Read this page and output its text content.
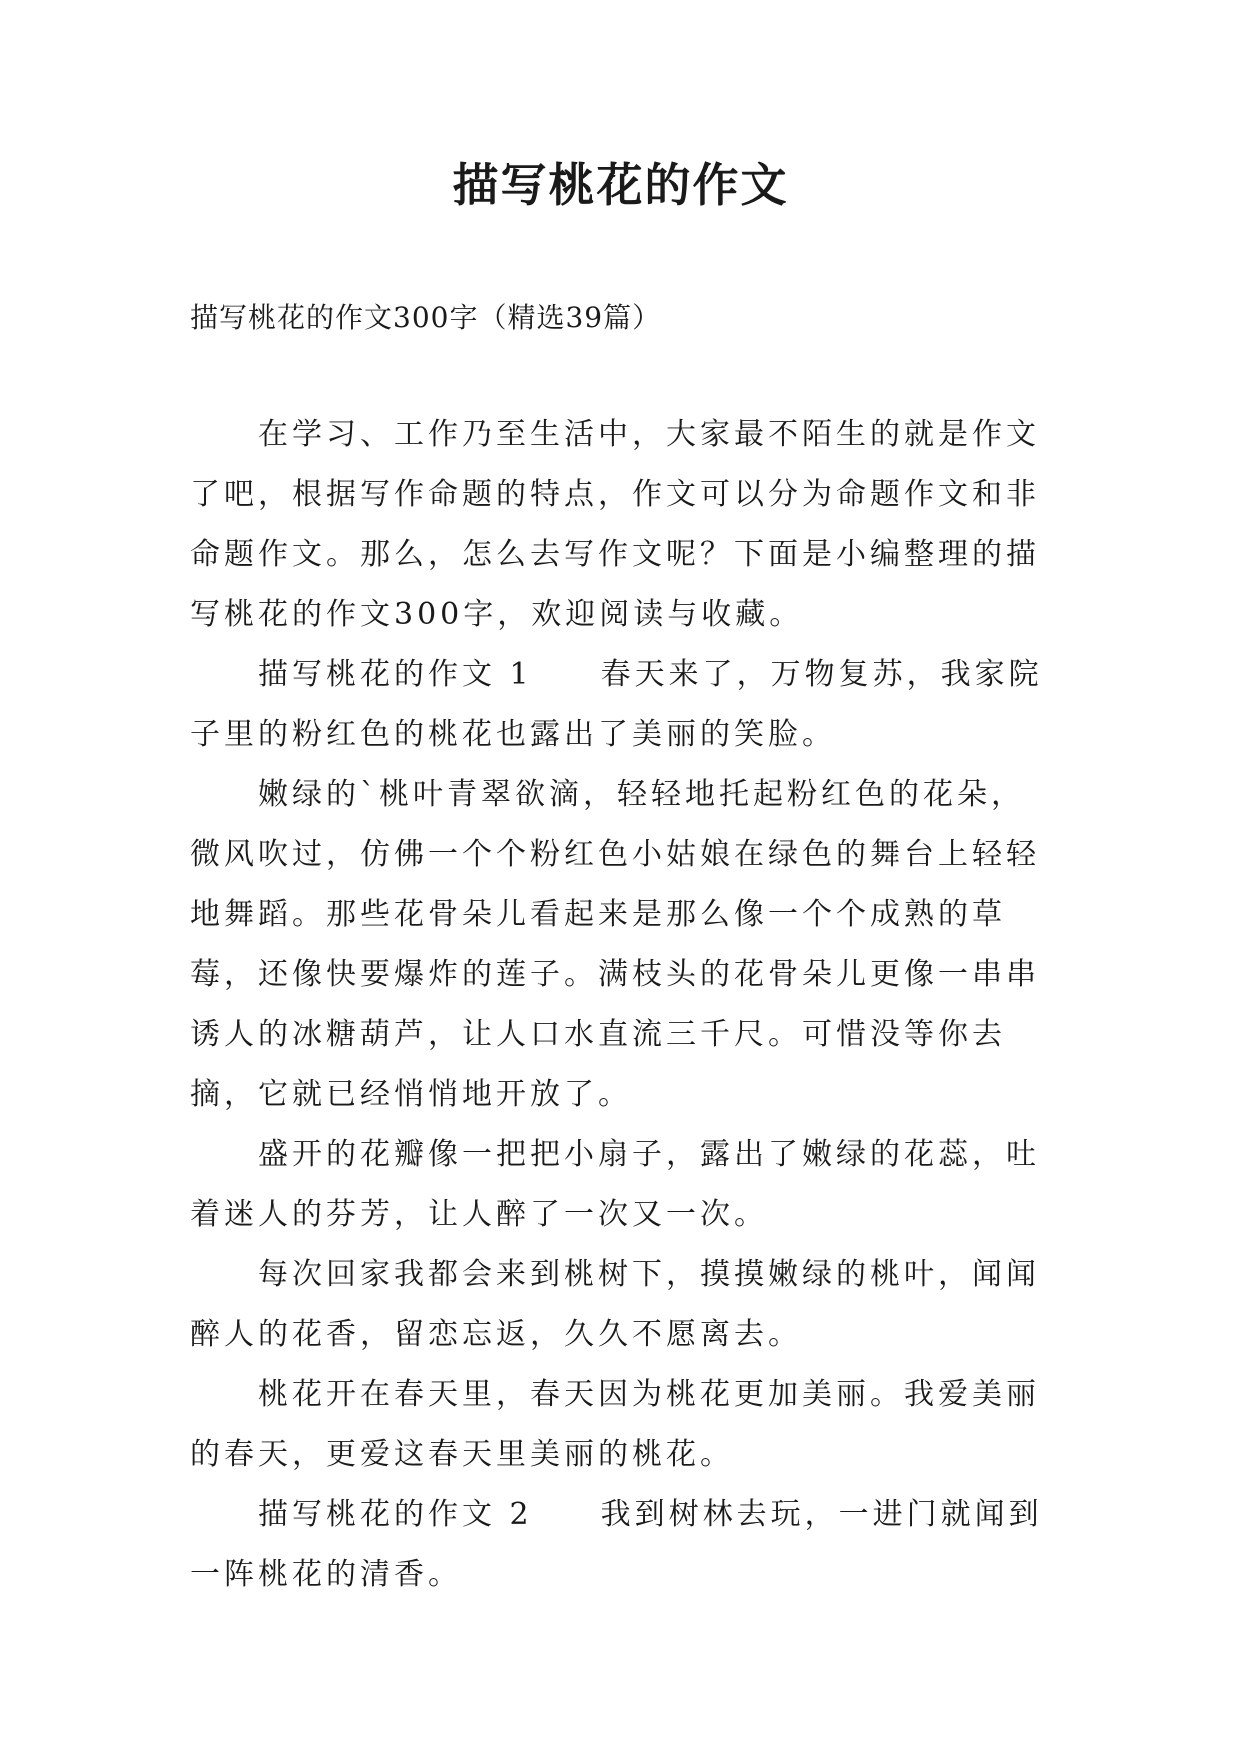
描写桃花的作文

描写桃花的作文300字（精选39篇）

在学习、工作乃至生活中，大家最不陌生的就是作文了吧，根据写作命题的特点，作文可以分为命题作文和非命题作文。那么，怎么去写作文呢？下面是小编整理的描写桃花的作文300字，欢迎阅读与收藏。

描写桃花的作文 1 春天来了，万物复苏，我家院子里的粉红色的桃花也露出了美丽的笑脸。

嫩绿的`桃叶青翠欲滴，轻轻地托起粉红色的花朵，微风吹过，仿佛一个个粉红色小姑娘在绿色的舞台上轻轻地舞蹈。那些花骨朵儿看起来是那么像一个个成熟的草莓，还像快要爆炸的莲子。满枝头的花骨朵儿更像一串串诱人的冰糖葫芦，让人口水直流三千尺。可惜没等你去摘，它就已经悄悄地开放了。

盛开的花瓣像一把把小扇子，露出了嫩绿的花蕊，吐着迷人的芬芳，让人醉了一次又一次。

每次回家我都会来到桃树下，摸摸嫩绿的桃叶，闻闻醉人的花香，留恋忘返，久久不愿离去。

桃花开在春天里，春天因为桃花更加美丽。我爱美丽的春天，更爱这春天里美丽的桃花。

描写桃花的作文 2 我到树林去玩，一进门就闻到一阵桃花的清香。
